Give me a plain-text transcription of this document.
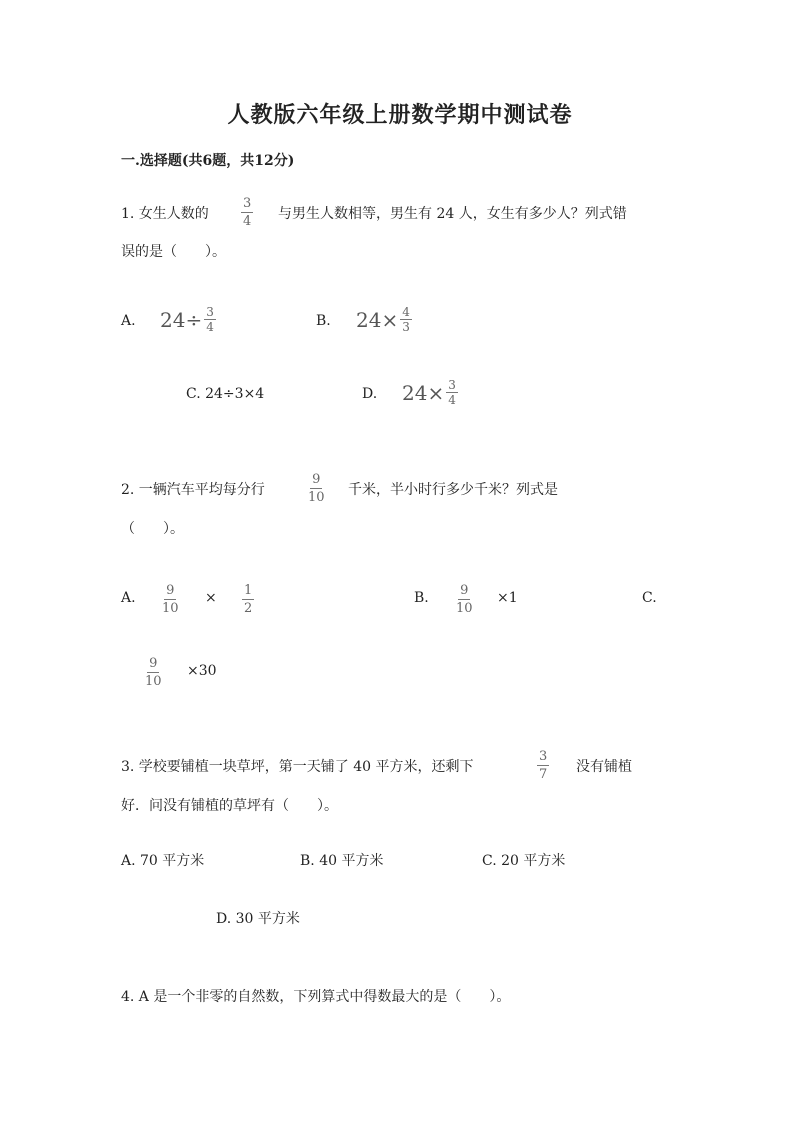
人教版六年级上册数学期中测试卷
一.选择题(共6题，共12分)
1. 女生人数的 $\frac{3}{4}$ 与男生人数相等，男生有 24 人，女生有多少人？列式错
误的是（　　）。
A. $24\div \frac{3}{4}$	B. $24\times \frac{4}{3}$
C. 24÷3×4	D. $24\times \frac{3}{4}$
2. 一辆汽车平均每分行	$\frac{9}{10}$ 千米，半小时行多少千米？列式是
（　　）。
A. $\frac{9}{10} \times \frac{1}{2}$	B. $\frac{9}{10} \times 1$	C.
$\frac{9}{10} \times 30$
3. 学校要铺植一块草坪，第一天铺了 40 平方米，还剩下	$\frac{3}{7}$ 没有铺植
好．问没有铺植的草坪有（　　）。
A. 70 平方米	B. 40 平方米	C. 20 平方米
D. 30 平方米
4. A 是一个非零的自然数，下列算式中得数最大的是（　　）。
